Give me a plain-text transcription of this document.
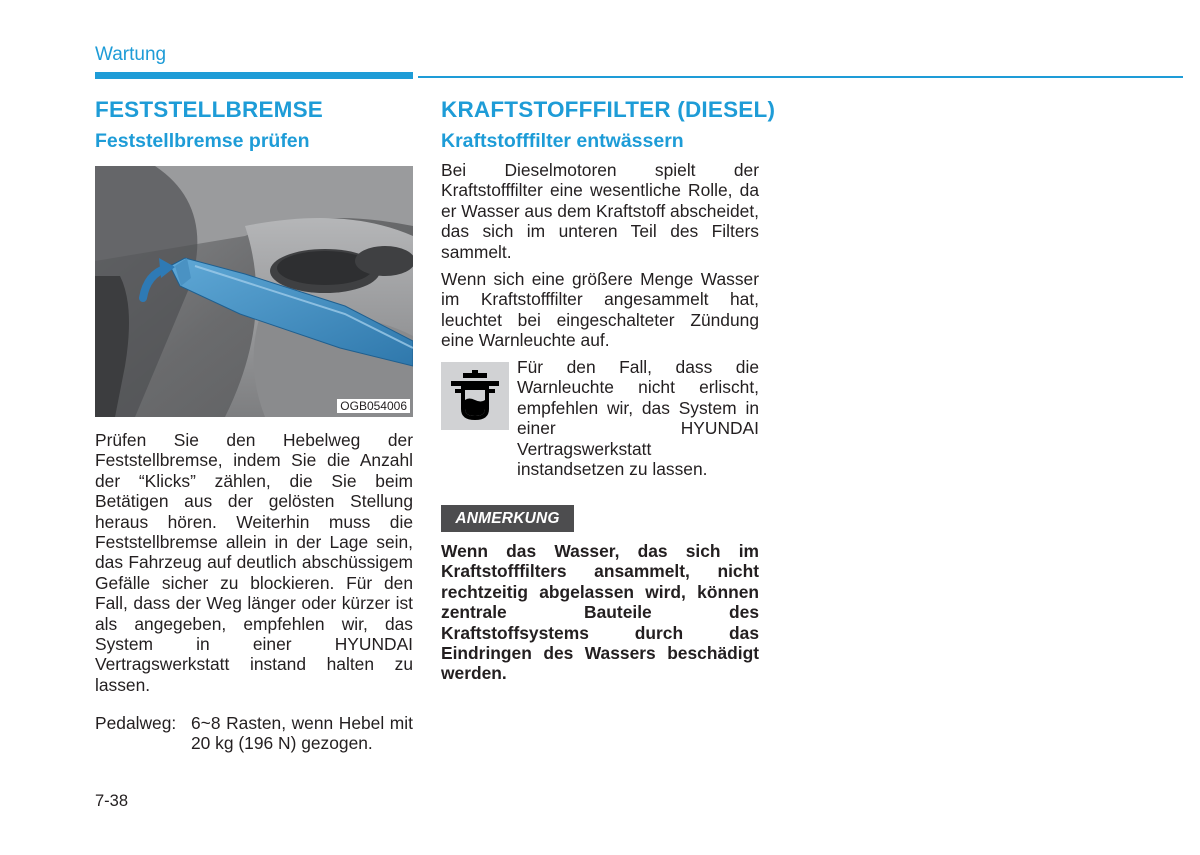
Wartung
FESTSTELLBREMSE
Feststellbremse prüfen
OGB054006
Prüfen Sie den Hebelweg der Feststellbremse, indem Sie die Anzahl der “Klicks” zählen, die Sie beim Betätigen aus der gelösten Stellung heraus hören. Weiterhin muss die Feststellbremse allein in der Lage sein, das Fahrzeug auf deutlich abschüssigem Gefälle sicher zu blockieren. Für den Fall, dass der Weg länger oder kürzer ist als angegeben, empfehlen wir, das System in einer HYUNDAI Vertragswerkstatt instand halten zu lassen.
Pedalweg: 6~8 Rasten, wenn Hebel mit 20 kg (196 N) gezogen.
KRAFTSTOFFFILTER (DIESEL)
Kraftstofffilter entwässern
Bei Dieselmotoren spielt der Kraftstofffilter eine wesentliche Rolle, da er Wasser aus dem Kraftstoff abscheidet, das sich im unteren Teil des Filters sammelt.
Wenn sich eine größere Menge Wasser im Kraftstofffilter angesammelt hat, leuchtet bei eingeschalteter Zündung eine Warnleuchte auf.
Für den Fall, dass die Warnleuchte nicht erlischt, empfehlen wir, das System in einer HYUNDAI Vertragswerkstatt instandsetzen zu lassen.
ANMERKUNG
Wenn das Wasser, das sich im Kraftstofffilters ansammelt, nicht rechtzeitig abgelassen wird, können zentrale Bauteile des Kraftstoffsystems durch das Eindringen des Wassers beschädigt werden.
7-38
